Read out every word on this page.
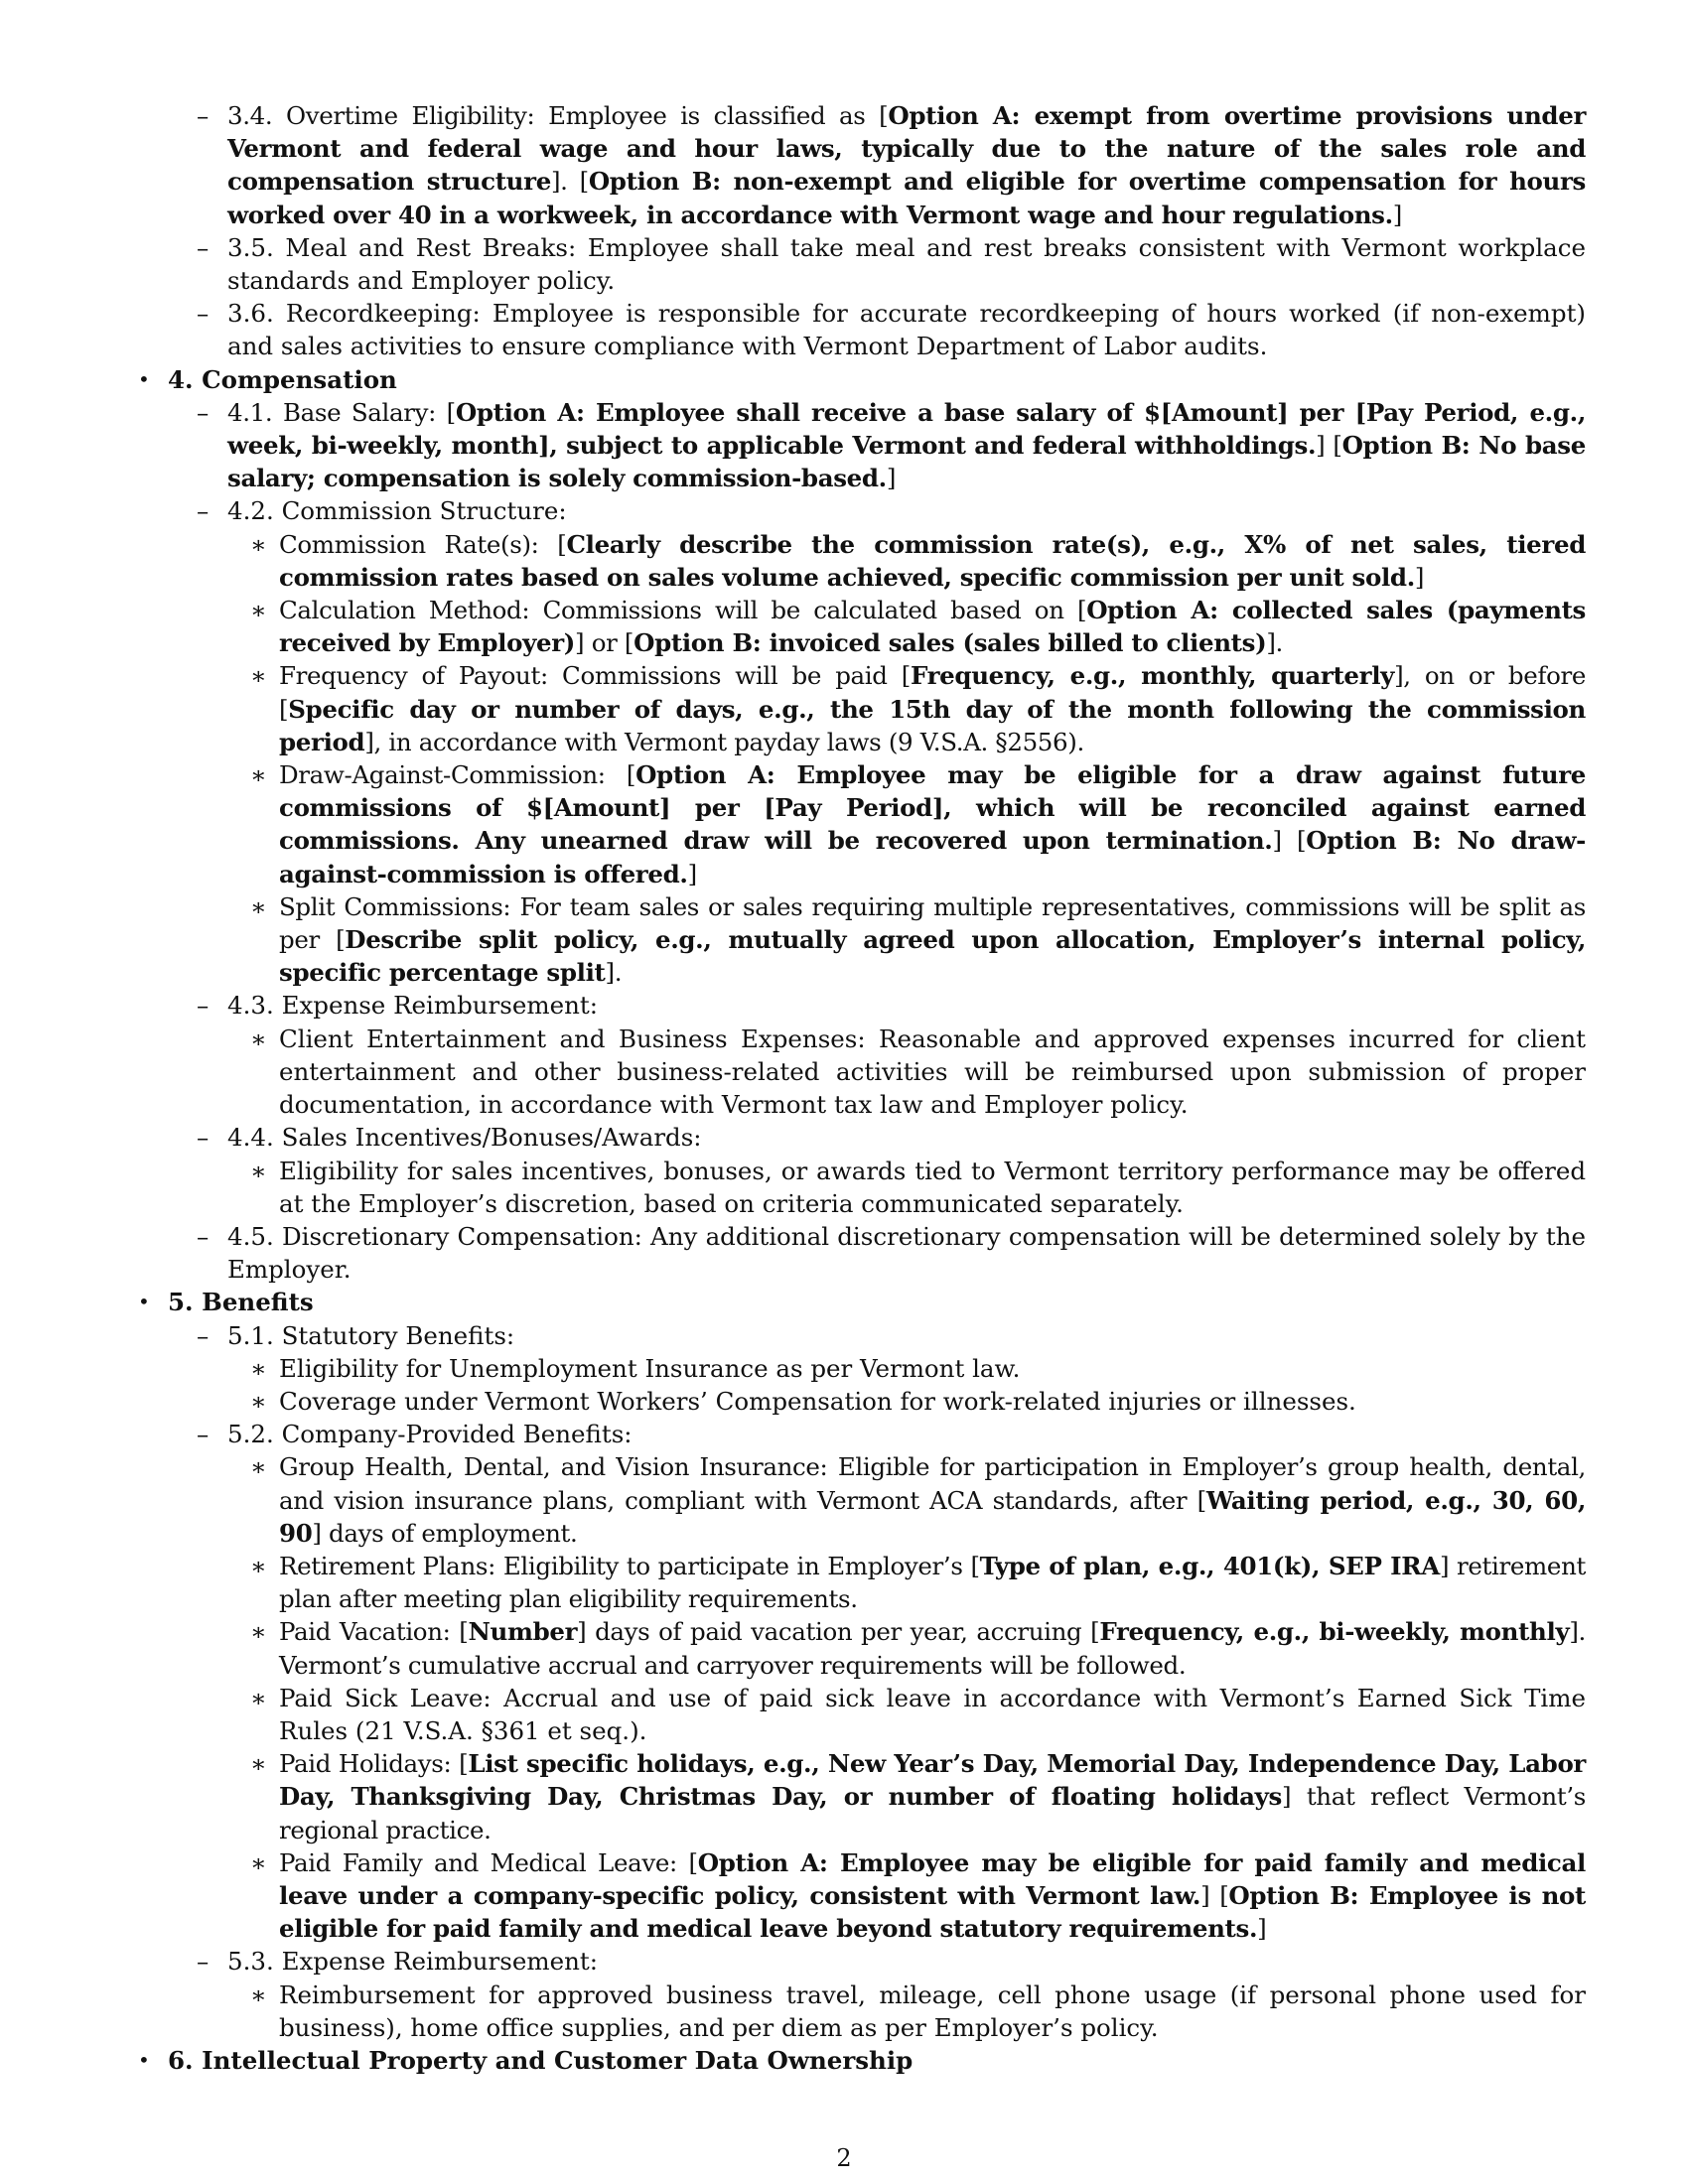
– 3.4. Overtime Eligibility: Employee is classified as [Option A: exempt from overtime provisions under Vermont and federal wage and hour laws, typically due to the nature of the sales role and compensation structure]. [Option B: non-exempt and eligible for overtime compensation for hours worked over 40 in a workweek, in accordance with Vermont wage and hour regulations.]
– 3.5. Meal and Rest Breaks: Employee shall take meal and rest breaks consistent with Vermont workplace standards and Employer policy.
– 3.6. Recordkeeping: Employee is responsible for accurate recordkeeping of hours worked (if non-exempt) and sales activities to ensure compliance with Vermont Department of Labor audits.
• 4. Compensation
– 4.1. Base Salary: [Option A: Employee shall receive a base salary of $[Amount] per [Pay Period, e.g., week, bi-weekly, month], subject to applicable Vermont and federal withholdings.] [Option B: No base salary; compensation is solely commission-based.]
– 4.2. Commission Structure:
∗ Commission Rate(s): [Clearly describe the commission rate(s), e.g., X% of net sales, tiered commission rates based on sales volume achieved, specific commission per unit sold.]
∗ Calculation Method: Commissions will be calculated based on [Option A: collected sales (payments received by Employer)] or [Option B: invoiced sales (sales billed to clients)].
∗ Frequency of Payout: Commissions will be paid [Frequency, e.g., monthly, quarterly], on or before [Specific day or number of days, e.g., the 15th day of the month following the commission period], in accordance with Vermont payday laws (9 V.S.A. §2556).
∗ Draw-Against-Commission: [Option A: Employee may be eligible for a draw against future commissions of $[Amount] per [Pay Period], which will be reconciled against earned commissions. Any unearned draw will be recovered upon termination.] [Option B: No draw-against-commission is offered.]
∗ Split Commissions: For team sales or sales requiring multiple representatives, commissions will be split as per [Describe split policy, e.g., mutually agreed upon allocation, Employer’s internal policy, specific percentage split].
– 4.3. Expense Reimbursement:
∗ Client Entertainment and Business Expenses: Reasonable and approved expenses incurred for client entertainment and other business-related activities will be reimbursed upon submission of proper documentation, in accordance with Vermont tax law and Employer policy.
– 4.4. Sales Incentives/Bonuses/Awards:
∗ Eligibility for sales incentives, bonuses, or awards tied to Vermont territory performance may be offered at the Employer’s discretion, based on criteria communicated separately.
– 4.5. Discretionary Compensation: Any additional discretionary compensation will be determined solely by the Employer.
• 5. Benefits
– 5.1. Statutory Benefits:
∗ Eligibility for Unemployment Insurance as per Vermont law.
∗ Coverage under Vermont Workers’ Compensation for work-related injuries or illnesses.
– 5.2. Company-Provided Benefits:
∗ Group Health, Dental, and Vision Insurance: Eligible for participation in Employer’s group health, dental, and vision insurance plans, compliant with Vermont ACA standards, after [Waiting period, e.g., 30, 60, 90] days of employment.
∗ Retirement Plans: Eligibility to participate in Employer’s [Type of plan, e.g., 401(k), SEP IRA] retirement plan after meeting plan eligibility requirements.
∗ Paid Vacation: [Number] days of paid vacation per year, accruing [Frequency, e.g., bi-weekly, monthly]. Vermont’s cumulative accrual and carryover requirements will be followed.
∗ Paid Sick Leave: Accrual and use of paid sick leave in accordance with Vermont’s Earned Sick Time Rules (21 V.S.A. §361 et seq.).
∗ Paid Holidays: [List specific holidays, e.g., New Year’s Day, Memorial Day, Independence Day, Labor Day, Thanksgiving Day, Christmas Day, or number of floating holidays] that reflect Vermont’s regional practice.
∗ Paid Family and Medical Leave: [Option A: Employee may be eligible for paid family and medical leave under a company-specific policy, consistent with Vermont law.] [Option B: Employee is not eligible for paid family and medical leave beyond statutory requirements.]
– 5.3. Expense Reimbursement:
∗ Reimbursement for approved business travel, mileage, cell phone usage (if personal phone used for business), home office supplies, and per diem as per Employer’s policy.
• 6. Intellectual Property and Customer Data Ownership
2
